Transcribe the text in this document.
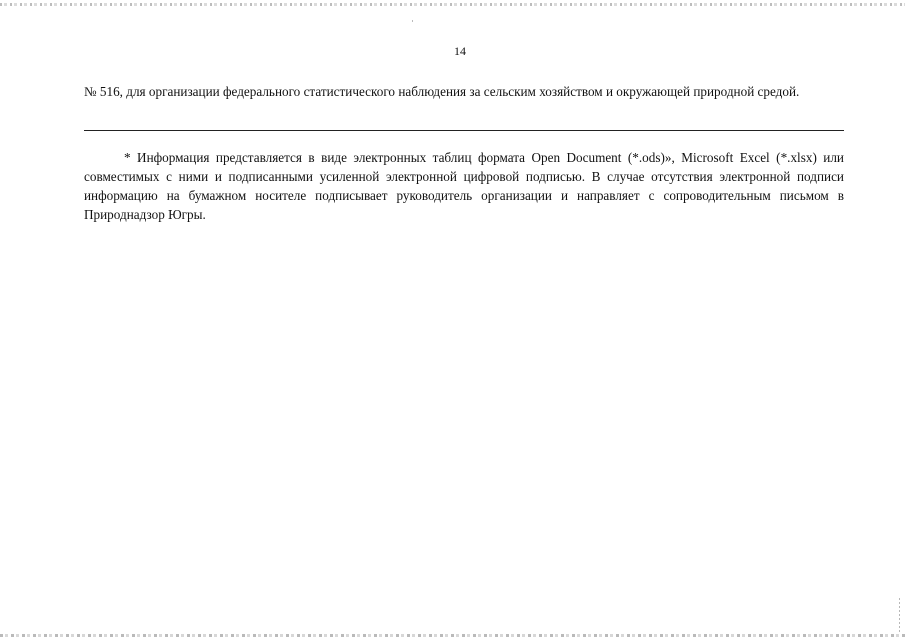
14
№ 516, для организации федерального статистического наблюдения за сельским хозяйством и окружающей природной средой.

* Информация представляется в виде электронных таблиц формата Open Document (*.ods)», Microsoft Excel (*.xlsx) или совместимых с ними и подписанными усиленной электронной цифровой подписью. В случае отсутствия электронной подписи информацию на бумажном носителе подписывает руководитель организации и направляет с сопроводительным письмом в Природнадзор Югры.
